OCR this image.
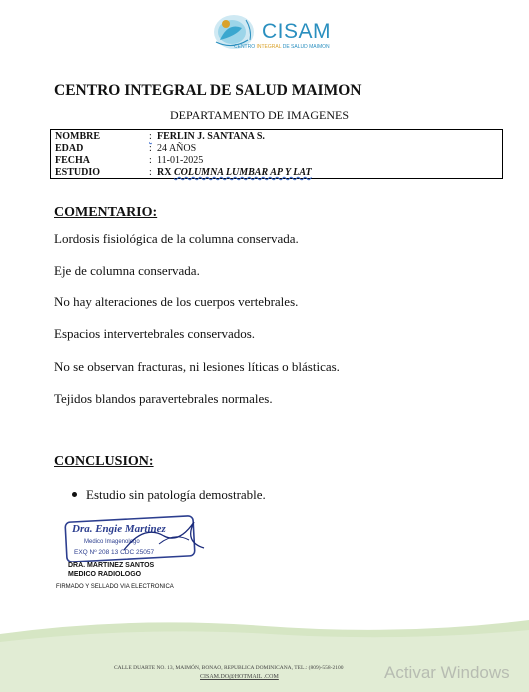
CISAM
CENTRO INTEGRAL DE SALUD MAIMON
CENTRO INTEGRAL DE SALUD MAIMON
DEPARTAMENTO DE IMAGENES
NOMBRE	: FERLIN J. SANTANA S.
EDAD	: 24 AÑOS
FECHA	: 11-01-2025
ESTUDIO	: RX COLUMNA LUMBAR AP Y LAT
COMENTARIO:
Lordosis fisiológica de la columna conservada.
Eje de columna conservada.
No hay alteraciones de los cuerpos vertebrales.
Espacios intervertebrales conservados.
No se observan fracturas, ni lesiones líticas o blásticas.
Tejidos blandos paravertebrales normales.
CONCLUSION:
Estudio sin patología demostrable.
Dra. Engie Martinez
Medico Imagenologo
EXQ Nº 208 13 CDC 25057
DRA. MARTINEZ SANTOS
MEDICO RADIOLOGO
FIRMADO Y SELLADO VIA ELECTRONICA
CALLE DUARTE NO. 13, MAIMÓN, BONAO, REPUBLICA DOMINICANA, TEL.: (809)-558-2100
CISAM.DO@HOTMAIL .COM	Activar Windows
